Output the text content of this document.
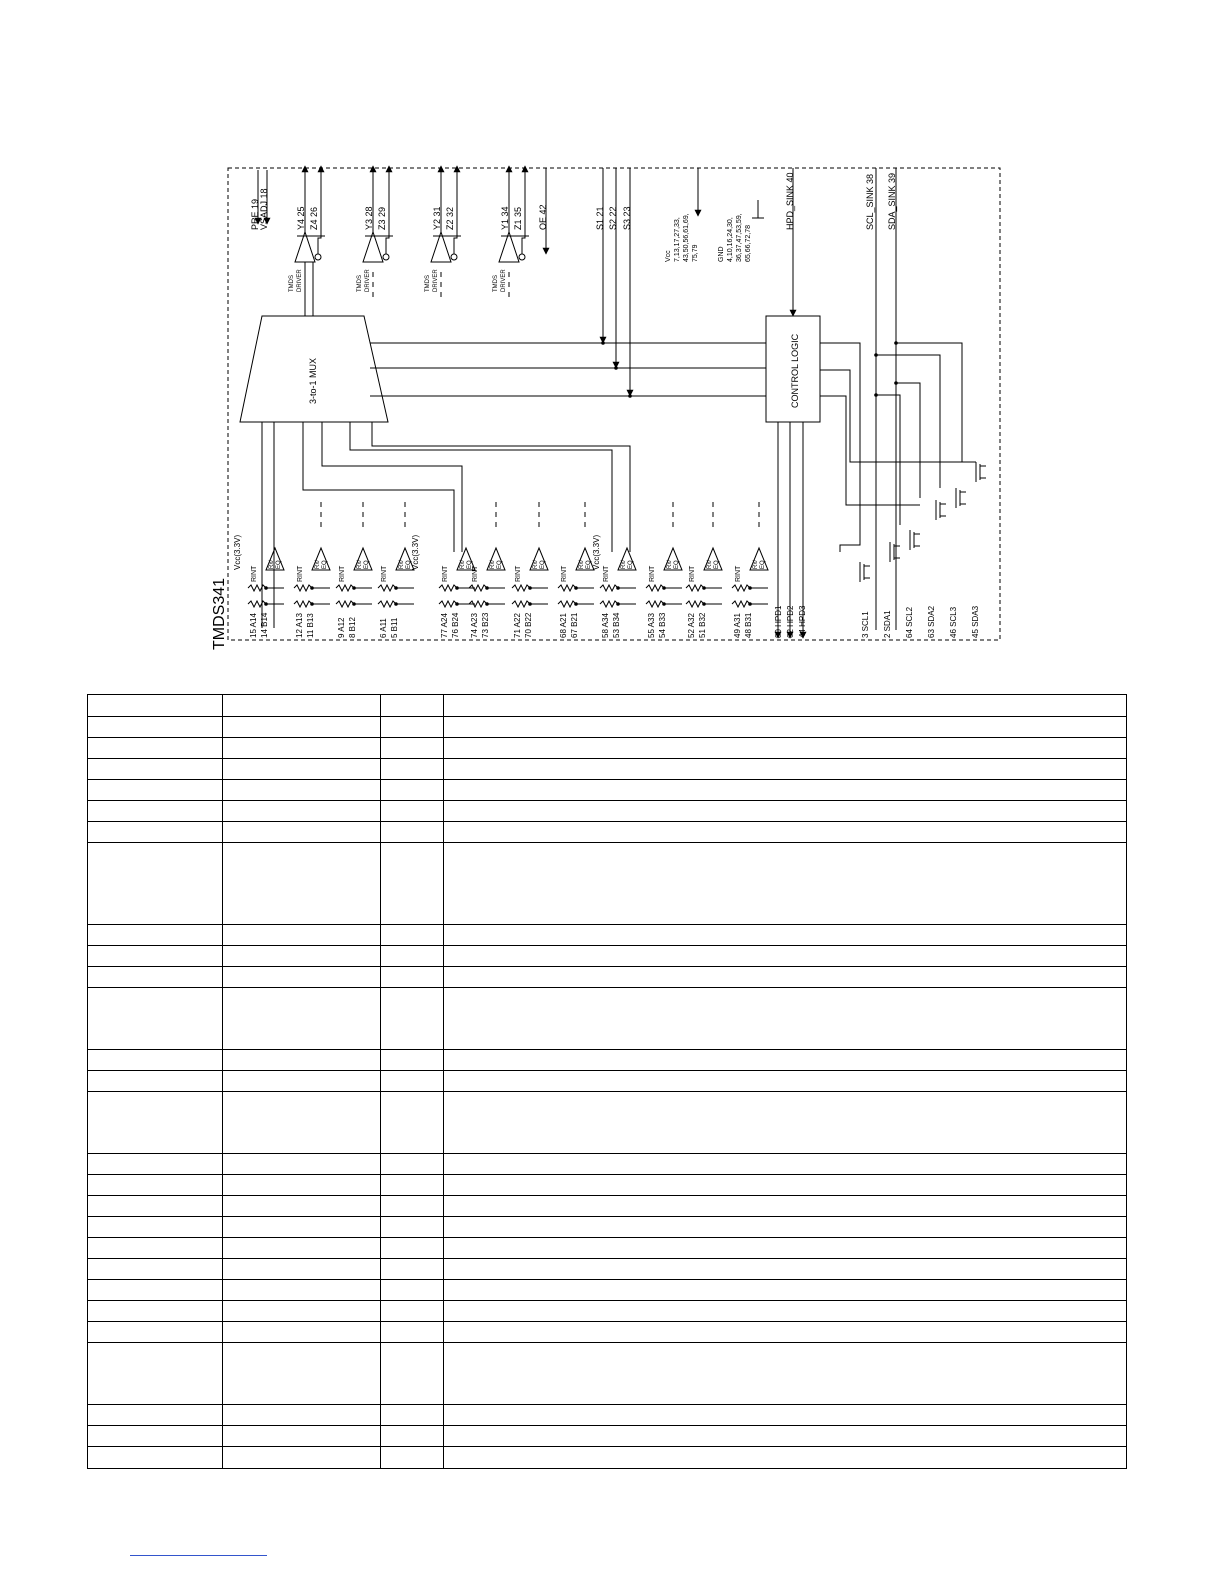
TMDS341
3-to-1 MUX	CONTROL LOGIC
PRE 19 VSADJ 18	Y4 25 Z4 26	Y3 28 Z3 29	Y2 31 Z2 32	Y1 34 Z1 35 OE 42	S1 21 S2 22 S3 23	HPD_SINK 40	SCL_SINK 38 SDA_SINK 39
TMDS DRIVER	TMDS DRIVER	TMDS DRIVER	TMDS DRIVER
Vcc 7,13,17,27,33, 43,50,56,61,69, 75,79	GND 4,10,16,24,30, 36,37,47,53,59, 65,66,72,78
80 HPD1 62 HPD2 44 HPD3	3 SCL1 2 SDA1 64 SCL2 63 SDA2 46 SCL3 45 SDA3
RINT
Rx/ EQ
15 A14 14 B14
RINT
Rx/ EQ
12 A13 11 B13
RINT
Rx/ EQ
9 A12 8 B12
RINT
Rx/ EQ
6 A11 5 B11
RINT
Rx/ EQ
77 A24 76 B24
RINT
Rx/ EQ
74 A23 73 B23
RINT
Rx/ EQ
71 A22 70 B22
RINT
Rx/ EQ
68 A21 67 B21
RINT
Rx/ EQ
58 A34 53 B34
RINT
Rx/ EQ
55 A33 54 B33
RINT
Rx/ EQ
52 A32 51 B32
RINT
Rx/ EQ
49 A31 48 B31
Vcc(3.3V)	Vcc(3.3V)	Vcc(3.3V)
